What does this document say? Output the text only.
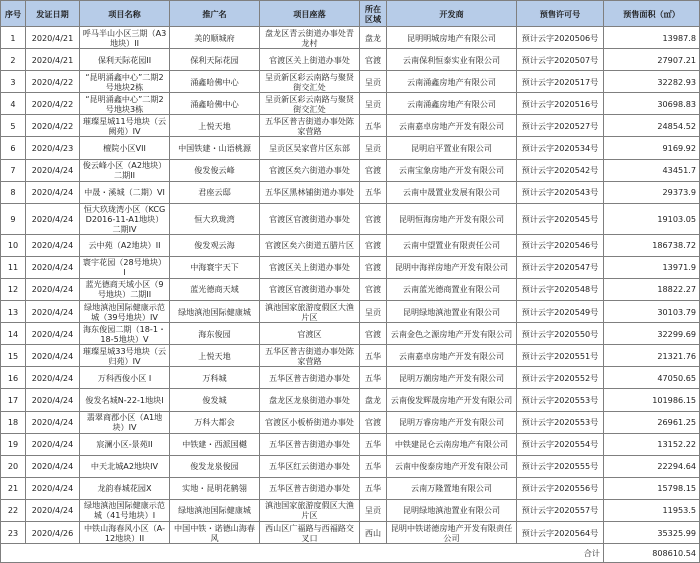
序号	发证日期	项目名称	推广名	项目座落	所在区域	开发商	预售许可号	预售面积（㎡）
1	2020/4/21	呼马半山小区三期（A3地块）II	美的顺城府	盘龙区青云街道办事处青龙村	盘龙	昆明明城房地产有限公司	预计云字2020506号	13987.8
2	2020/4/21	保利天际花园II	保利天际花园	官渡区关上街道办事处	官渡	云南保利恒泰实业有限公司	预计云字2020507号	27907.21
3	2020/4/22	“昆明涌鑫中心”二期2号地块2栋	涌鑫哈佛中心	呈贡新区彩云南路与聚贤街交汇处	呈贡	云南涌鑫房地产有限公司	预计云字2020517号	32282.93
4	2020/4/22	“昆明涌鑫中心”二期2号地块3栋	涌鑫哈佛中心	呈贡新区彩云南路与聚贤街交汇处	呈贡	云南涌鑫房地产有限公司	预计云字2020516号	30698.83
5	2020/4/22	璀璨星城11号地块（云阙苑）IV	上悦天地	五华区普吉街道办事处陈家营路	五华	云南嘉卓房地产开发有限公司	预计云字2020527号	24854.52
6	2020/4/23	檀院小区VII	中国铁建・山语桃源	呈贡区吴家营片区东部	呈贡	昆明启平置业有限公司	预计云字2020534号	9169.92
7	2020/4/24	俊云峰小区（A2地块）二期II	俊发俊云峰	官渡区矣六街道办事处	官渡	云南宝象房地产开发有限公司	预计云字2020542号	43451.7
8	2020/4/24	中晟・溪城（二期）VI	君座云邸	五华区黑林铺街道办事处	五华	云南中晟置业发展有限公司	预计云字2020543号	29373.9
9	2020/4/24	恒大玖珑湾小区（KCGD2016-11-A1地块）二期IV	恒大玖珑湾	官渡区官渡街道办事处	官渡	昆明恒海房地产开发有限公司	预计云字2020545号	19103.05
10	2020/4/24	云中苑（A2地块）II	俊发观云海	官渡区矣六街道五腊片区	官渡	云南中望置业有限责任公司	预计云字2020546号	186738.72
11	2020/4/24	寰宇花园（28号地块）I	中海寰宇天下	官渡区关上街道办事处	官渡	昆明中海祥房地产开发有限公司	预计云字2020547号	13971.9
12	2020/4/24	蓝光德商天域小区（9号地块）二期II	蓝光德商天域	官渡区官渡街道办事处	官渡	云南蓝光德商置业有限公司	预计云字2020548号	18822.27
13	2020/4/24	绿地滇池国际健康示范城（39号地块）IV	绿地滇池国际健康城	滇池国家旅游度假区大渔片区	呈贡	昆明绿地滇池置业有限公司	预计云字2020549号	30103.79
14	2020/4/24	海东俊园二期（18-1・18-5地块）V	海东俊园	官渡区	官渡	云南金色之源房地产开发有限公司	预计云字2020550号	32299.69
15	2020/4/24	璀璨星城33号地块（云归苑）IV	上悦天地	五华区普吉街道办事处陈家营路	五华	云南嘉卓房地产开发有限公司	预计云字2020551号	21321.76
16	2020/4/24	万科西俊小区 I	万科城	五华区普吉街道办事处	五华	昆明万潮房地产开发有限公司	预计云字2020552号	47050.65
17	2020/4/24	俊发名城N-22-1地块I	俊发城	盘龙区龙泉街道办事处	盘龙	云南俊发辉晟房地产开发有限公司	预计云字2020553号	101986.15
18	2020/4/24	翡翠商郡小区（A1地块）IV	万科大都会	官渡区小板桥街道办事处	官渡	昆明万睿房地产开发有限公司	预计云字2020553号	26961.25
19	2020/4/24	宸澜小区-景苑II	中铁建・西派国樾	五华区普吉街道办事处	五华	中铁建昆仑云南房地产有限公司	预计云字2020554号	13152.22
20	2020/4/24	中天北城A2地块IV	俊发龙泉俊园	五华区红云街道办事处	五华	云南中俊泰房地产开发有限公司	预计云字2020555号	22294.64
21	2020/4/24	龙韵春城花园X	实地・昆明花鹤翎	五华区普吉街道办事处	五华	云南万隆置地有限公司	预计云字2020556号	15798.15
22	2020/4/24	绿地滇池国际健康示范城（41号地块）I	绿地滇池国际健康城	滇池国家旅游度假区大渔片区	呈贡	昆明绿地滇池置业有限公司	预计云字2020557号	11953.5
23	2020/4/26	中铁山海春风小区（A-12地块）II	中国中铁・诺德山海春风	西山区广福路与西福路交叉口	西山	昆明中铁诺德房地产开发有限责任公司	预计云字2020564号	35325.99
合计								808610.54
